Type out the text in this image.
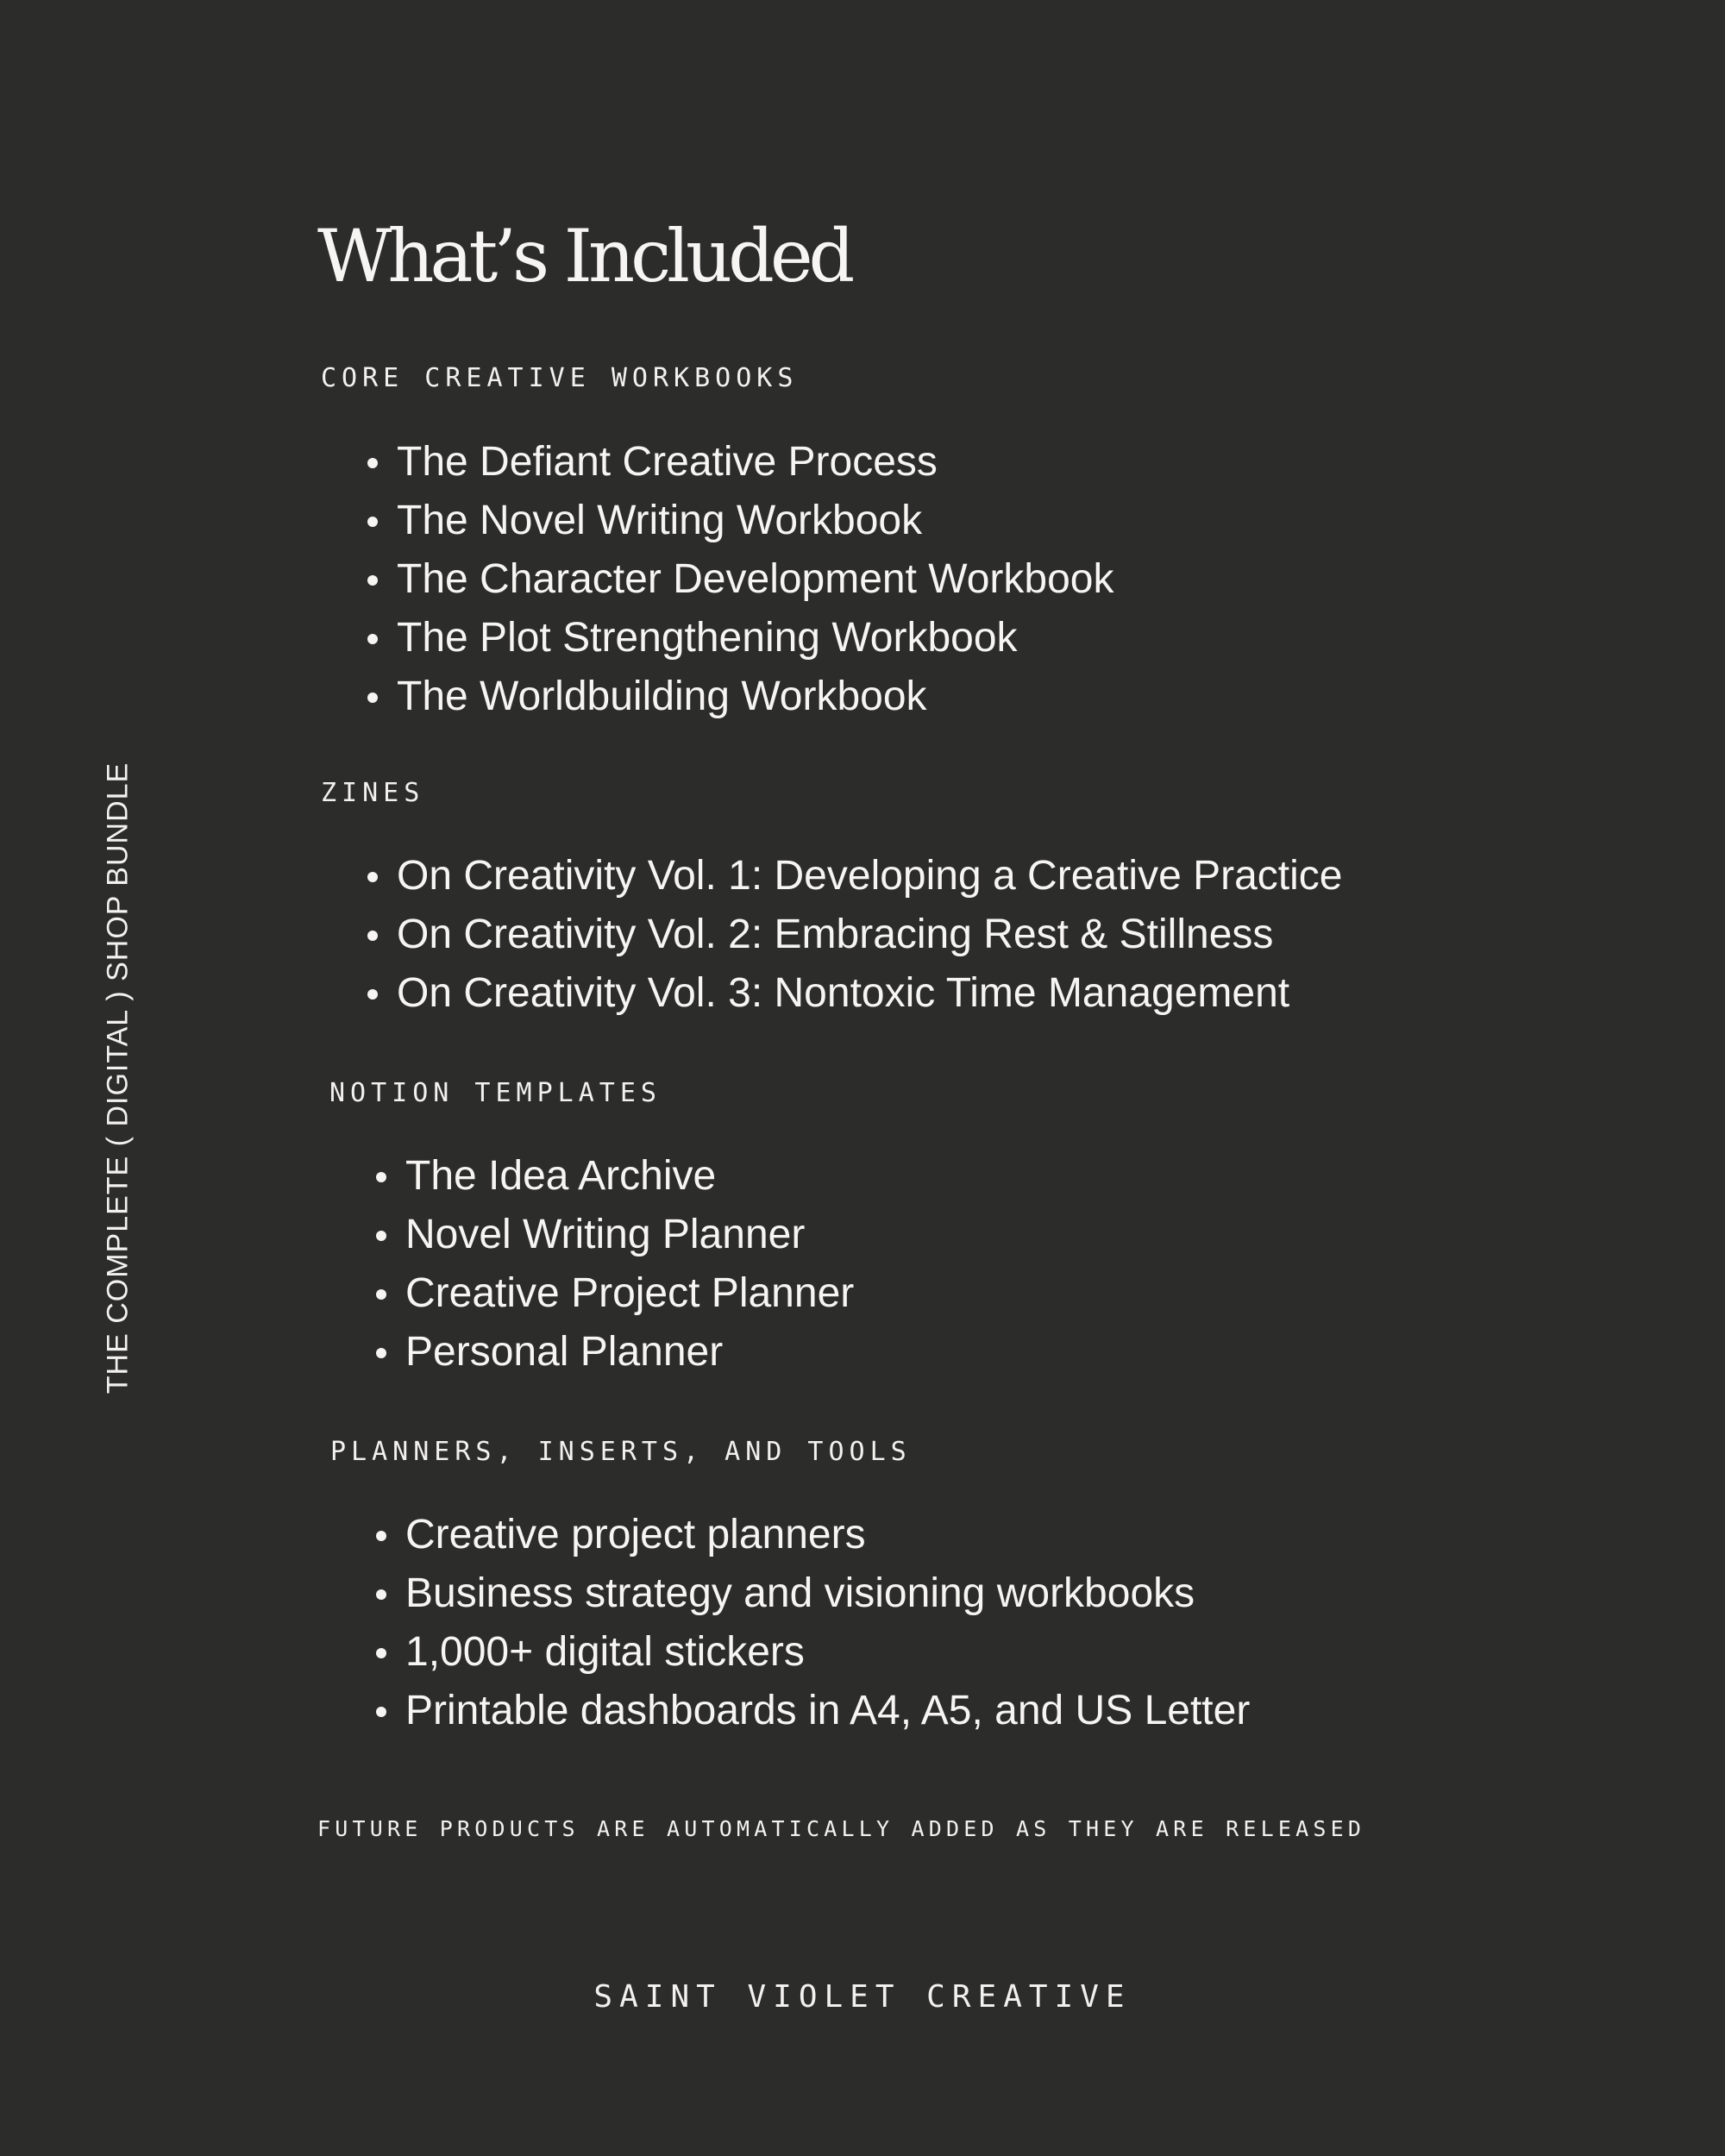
THE COMPLETE ( DIGITAL ) SHOP BUNDLE
What’s Included
CORE CREATIVE WORKBOOKS
The Defiant Creative Process
The Novel Writing Workbook
The Character Development Workbook
The Plot Strengthening Workbook
The Worldbuilding Workbook
ZINES
On Creativity Vol. 1: Developing a Creative Practice
On Creativity Vol. 2: Embracing Rest & Stillness
On Creativity Vol. 3: Nontoxic Time Management
NOTION TEMPLATES
The Idea Archive
Novel Writing Planner
Creative Project Planner
Personal Planner
PLANNERS, INSERTS, AND TOOLS
Creative project planners
Business strategy and visioning workbooks
1,000+ digital stickers
Printable dashboards in A4, A5, and US Letter

FUTURE PRODUCTS ARE AUTOMATICALLY ADDED AS THEY ARE RELEASED

SAINT VIOLET CREATIVE
